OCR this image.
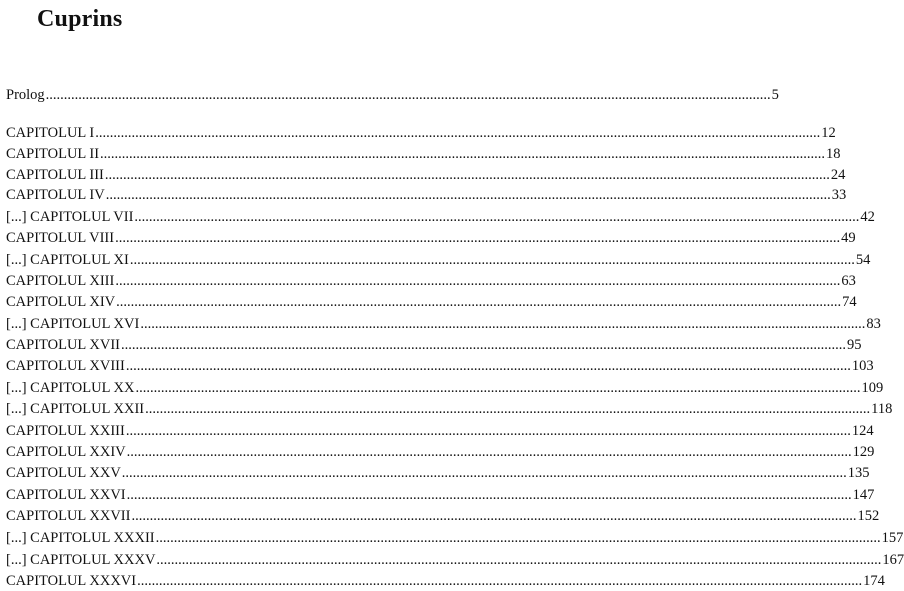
Cuprins
Prolog ........................................................................................................................................................................................................ 5
CAPITOLUL I ........................................................................................................................................................................................................ 12
CAPITOLUL II ........................................................................................................................................................................................................ 18
CAPITOLUL III ........................................................................................................................................................................................................ 24
CAPITOLUL IV ........................................................................................................................................................................................................ 33
[...] CAPITOLUL VII ........................................................................................................................................................................................................ 42
CAPITOLUL VIII ........................................................................................................................................................................................................ 49
[...] CAPITOLUL XI ........................................................................................................................................................................................................ 54
CAPITOLUL XIII ........................................................................................................................................................................................................ 63
CAPITOLUL XIV ........................................................................................................................................................................................................ 74
[...] CAPITOLUL XVI ........................................................................................................................................................................................................ 83
CAPITOLUL XVII ........................................................................................................................................................................................................ 95
CAPITOLUL XVIII ........................................................................................................................................................................................................ 103
[...] CAPITOLUL XX ........................................................................................................................................................................................................ 109
[...] CAPITOLUL XXII ........................................................................................................................................................................................................ 118
CAPITOLUL XXIII ........................................................................................................................................................................................................ 124
CAPITOLUL XXIV ........................................................................................................................................................................................................ 129
CAPITOLUL XXV ........................................................................................................................................................................................................ 135
CAPITOLUL XXVI ........................................................................................................................................................................................................ 147
CAPITOLUL XXVII ........................................................................................................................................................................................................ 152
[...] CAPITOLUL XXXII ........................................................................................................................................................................................................ 157
[...] CAPITOLUL XXXV ........................................................................................................................................................................................................ 167
CAPITOLUL XXXVI ........................................................................................................................................................................................................ 174
